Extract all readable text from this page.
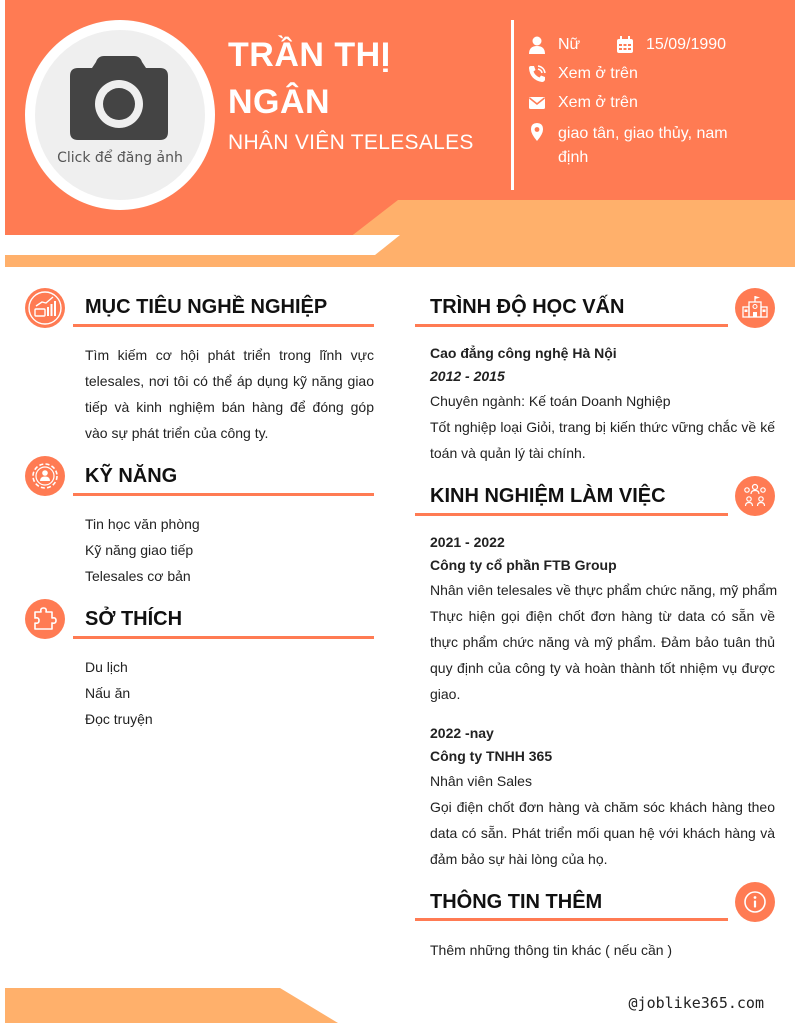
Click để đăng ảnh
TRẦN THỊ NGÂN
NHÂN VIÊN TELESALES
Nữ	15/09/1990
Xem ở trên
Xem ở trên
giao tân, giao thủy, nam định
MỤC TIÊU NGHỀ NGHIỆP
Tìm kiếm cơ hội phát triển trong lĩnh vực telesales, nơi tôi có thể áp dụng kỹ năng giao tiếp và kinh nghiệm bán hàng để đóng góp vào sự phát triển của công ty.
KỸ NĂNG
Tin học văn phòng
Kỹ năng giao tiếp
Telesales cơ bản
SỞ THÍCH
Du lịch
Nấu ăn
Đọc truyện
TRÌNH ĐỘ HỌC VẤN
Cao đẳng công nghệ Hà Nội
2012 - 2015
Chuyên ngành: Kế toán Doanh Nghiệp
Tốt nghiệp loại Giỏi, trang bị kiến thức vững chắc về kế toán và quản lý tài chính.
KINH NGHIỆM LÀM VIỆC
2021 - 2022
Công ty cổ phần FTB Group
Nhân viên telesales về thực phẩm chức năng, mỹ phẩm
Thực hiện gọi điện chốt đơn hàng từ data có sẵn về thực phẩm chức năng và mỹ phẩm. Đảm bảo tuân thủ quy định của công ty và hoàn thành tốt nhiệm vụ được giao.
2022 -nay
Công ty TNHH 365
Nhân viên Sales
Gọi điện chốt đơn hàng và chăm sóc khách hàng theo data có sẵn. Phát triển mối quan hệ với khách hàng và đảm bảo sự hài lòng của họ.
THÔNG TIN THÊM
Thêm những thông tin khác ( nếu cần )
@joblike365.com
